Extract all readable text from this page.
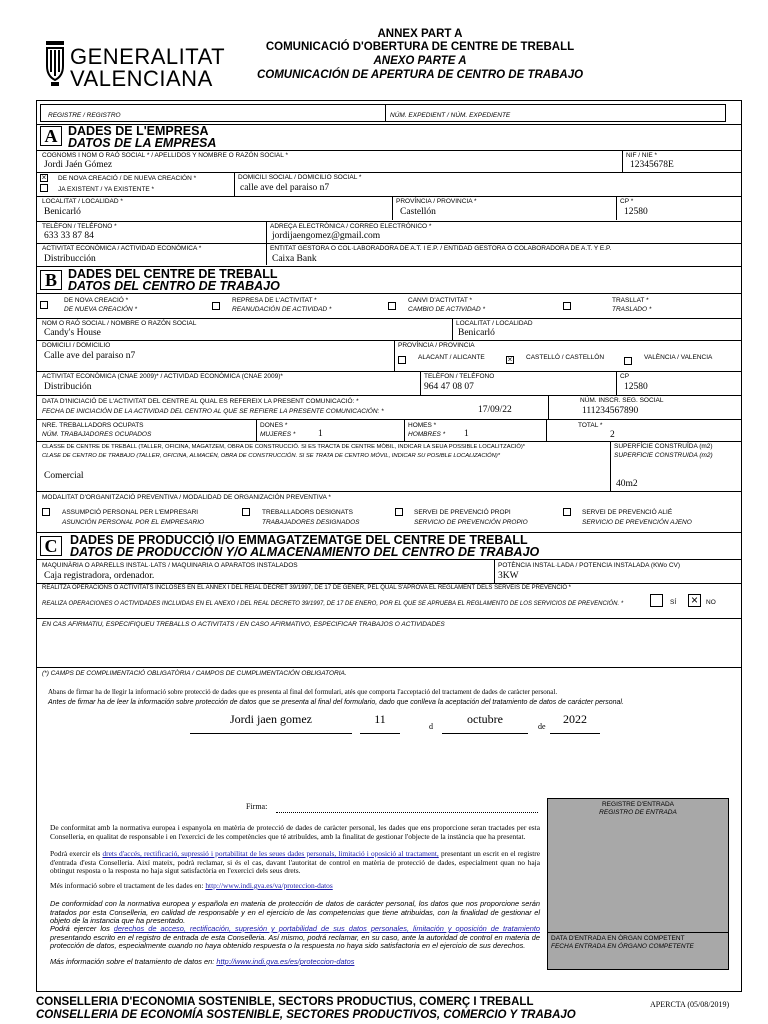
GENERALITAT
VALENCIANA
ANNEX PART A
COMUNICACIÓ D'OBERTURA DE CENTRE DE TREBALL
ANEXO PARTE A
COMUNICACIÓN DE APERTURA DE CENTRO DE TRABAJO
REGISTRE / REGISTRO	NÚM. EXPEDIENT / NÚM. EXPEDIENTE
A DADES DE L'EMPRESA
DATOS DE LA EMPRESA
COGNOMS I NOM O RAÓ SOCIAL * / APELLIDOS Y NOMBRE O RAZÓN SOCIAL *
Jordi Jaén Gómez
NIF / NIE *
12345678E
× DE NOVA CREACIÓ / DE NUEVA CREACIÓN *
JA EXISTENT / YA EXISTENTE *
DOMICILI SOCIAL / DOMICILIO SOCIAL *
calle ave del paraiso n7
LOCALITAT / LOCALIDAD *
Benicarló
PROVÍNCIA / PROVINCIA *
Castellón
CP *
12580
TELÈFON / TELÉFONO *
633 33 87 84
ADREÇA ELECTRÒNICA / CORREO ELECTRÓNICO *
jordijaengomez@gmail.com
ACTIVITAT ECONÒMICA / ACTIVIDAD ECONÓMICA *
Distribucción
ENTITAT GESTORA O COL·LABORADORA DE A.T. I E.P. / ENTIDAD GESTORA O COLABORADORA DE A.T. Y E.P.
Caixa Bank
B DADES DEL CENTRE DE TREBALL
DATOS DEL CENTRO DE TRABAJO
DE NOVA CREACIÓ *
DE NUEVA CREACIÓN *
REPRESA DE L'ACTIVITAT *
REANUDACIÓN DE ACTIVIDAD *
CANVI D'ACTIVITAT *
CAMBIO DE ACTIVIDAD *
TRASLLAT *
TRASLADO *
NOM O RAÓ SOCIAL / NOMBRE O RAZÓN SOCIAL
Candy's House
LOCALITAT / LOCALIDAD
Benicarló
DOMICILI / DOMICILIO
Calle ave del paraiso n7
PROVÍNCIA / PROVINCIA
ALACANT / ALICANTE	× CASTELLÓ / CASTELLÓN	VALÈNCIA / VALENCIA
ACTIVITAT ECONÒMICA (CNAE 2009)* / ACTIVIDAD ECONÓMICA (CNAE 2009)*
Distribución
TELÈFON / TELÉFONO
964 47 08 07
CP
12580
DATA D'INICIACIÓ DE L'ACTIVITAT DEL CENTRE AL QUAL ES REFEREIX LA PRESENT COMUNICACIÓ: *
FECHA DE INICIACIÓN DE LA ACTIVIDAD DEL CENTRO AL QUE SE REFIERE LA PRESENTE COMUNICACIÓN: *	17/09/22
NÚM. INSCR. SEG. SOCIAL
111234567890
NRE. TREBALLADORS OCUPATS
NÚM. TRABAJADORES OCUPADOS
DONES *
MUJERES * 1
HOMES *
HOMBRES * 1
TOTAL *
2
CLASSE DE CENTRE DE TREBALL (TALLER, OFICINA, MAGATZEM, OBRA DE CONSTRUCCIÓ. SI ES TRACTA DE CENTRE MÒBIL, INDICAR LA SEUA POSSIBLE LOCALITZACIÓ)*
CLASE DE CENTRO DE TRABAJO (TALLER, OFICINA, ALMACÉN, OBRA DE CONSTRUCCIÓN. SI SE TRATA DE CENTRO MÓVIL, INDICAR SU POSIBLE LOCALIZACIÓN)*
Comercial
SUPERFÍCIE CONSTRUÏDA (m2)
SUPERFICIE CONSTRUIDA (m2)
40m2
MODALITAT D'ORGANITZACIÓ PREVENTIVA / MODALIDAD DE ORGANIZACIÓN PREVENTIVA *
ASSUMPCIÓ PERSONAL PER L'EMPRESARI
ASUNCIÓN PERSONAL POR EL EMPRESARIO
TREBALLADORS DESIGNATS
TRABAJADORES DESIGNADOS
SERVEI DE PREVENCIÓ PROPI
SERVICIO DE PREVENCIÓN PROPIO
SERVEI DE PREVENCIÓ ALIÉ
SERVICIO DE PREVENCIÓN AJENO
C	DADES DE PRODUCCIÓ I/O EMMAGATZEMATGE DEL CENTRE DE TREBALL
DATOS DE PRODUCCIÓN Y/O ALMACENAMIENTO DEL CENTRO DE TRABAJO
MAQUINÀRIA O APARELLS INSTAL·LATS / MAQUINARIA O APARATOS INSTALADOS
Caja registradora, ordenador.
POTÈNCIA INSTAL·LADA / POTENCIA INSTALADA (KWo CV)
3KW
REALITZA OPERACIONS O ACTIVITATS INCLOSES EN EL ANNEX I DEL REIAL DECRET 39/1997, DE 17 DE GENER, PEL QUAL S'APROVA EL REGLAMENT DELS SERVEIS DE PREVENCIÓ *
REALIZA OPERACIONES O ACTIVIDADES INCLUIDAS EN EL ANEXO I DEL REAL DECRETO 39/1997, DE 17 DE ENERO, POR EL QUE SE APRUEBA EL REGLAMENTO DE LOS SERVICIOS DE PREVENCIÓN. *	SÍ ×	NO
EN CAS AFIRMATIU, ESPECIFIQUEU TREBALLS O ACTIVITATS / EN CASO AFIRMATIVO, ESPECIFICAR TRABAJOS O ACTIVIDADES
(*) CAMPS DE COMPLIMENTACIÓ OBLIGATÒRIA / CAMPOS DE CUMPLIMENTACIÓN OBLIGATORIA.
Abans de firmar ha de llegir la informació sobre protecció de dades que es presenta al final del formulari, atés que comporta l'acceptació del tractament de dades de caràcter personal.
Antes de firmar ha de leer la información sobre protección de datos que se presenta al final del formulario, dado que conlleva la aceptación del tratamiento de datos de carácter personal.
Jordi jaen gomez	11
d
octubre
de
2022
Firma:	REGISTRE D'ENTRADA
REGISTRO DE ENTRADA
DATA D'ENTRADA EN ÒRGAN COMPETENT
FECHA ENTRADA EN ÓRGANO COMPETENTE
De conformitat amb la normativa europea i espanyola en matèria de protecció de dades de caràcter personal, les dades que ens proporcione seran tractades per esta Conselleria, en qualitat de responsable i en l'exercici de les competències que té atribuïdes, amb la finalitat de gestionar l'objecte de la instància que ha presentat.
Podrà exercir els drets d'accés, rectificació, supressió i portabilitat de les seues dades personals, limitació i oposició al tractament, presentant un escrit en el registre d'entrada d'esta Conselleria. Així mateix, podrà reclamar, si és el cas, davant l'autoritat de control en matèria de protecció de dades, especialment quan no haja obtingut resposta o la resposta no haja sigut satisfactòria en l'exercici dels seus drets.
Més informació sobre el tractament de les dades en: http://www.indi.gva.es/va/proteccion-datos
De conformidad con la normativa europea y española en materia de protección de datos de carácter personal, los datos que nos proporcione serán tratados por esta Conselleria, en calidad de responsable y en el ejercicio de las competencias que tiene atribuidas, con la finalidad de gestionar el objeto de la instancia que ha presentado.
Podrá ejercer los derechos de acceso, rectificación, supresión y portabilidad de sus datos personales, limitación y oposición de tratamiento presentando escrito en el registro de entrada de esta Conselleria. Así mismo, podrá reclamar, en su caso, ante la autoridad de control en materia de protección de datos, especialmente cuando no haya obtenido respuesta o la respuesta no haya sido satisfactoria en el ejercicio de sus derechos.
Más información sobre el tratamiento de datos en: http://www.indi.gva.es/es/proteccion-datos
CONSELLERIA D'ECONOMIA SOSTENIBLE, SECTORS PRODUCTIUS, COMERÇ I TREBALL
CONSELLERIA DE ECONOMÍA SOSTENIBLE, SECTORES PRODUCTIVOS, COMERCIO Y TRABAJO
APERCTA (05/08/2019)
